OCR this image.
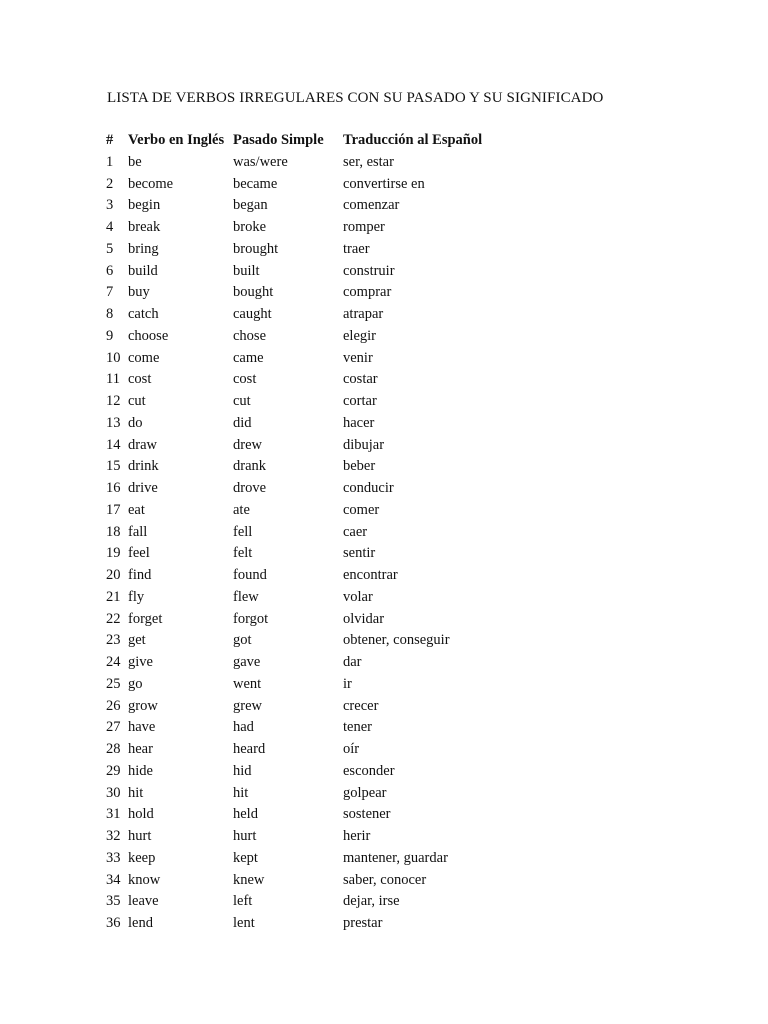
LISTA DE VERBOS IRREGULARES CON SU PASADO Y SU SIGNIFICADO
#	Verbo en Inglés	Pasado Simple	Traducción al Español
1	be	was/were	ser, estar
2	become	became	convertirse en
3	begin	began	comenzar
4	break	broke	romper
5	bring	brought	traer
6	build	built	construir
7	buy	bought	comprar
8	catch	caught	atrapar
9	choose	chose	elegir
10	come	came	venir
11	cost	cost	costar
12	cut	cut	cortar
13	do	did	hacer
14	draw	drew	dibujar
15	drink	drank	beber
16	drive	drove	conducir
17	eat	ate	comer
18	fall	fell	caer
19	feel	felt	sentir
20	find	found	encontrar
21	fly	flew	volar
22	forget	forgot	olvidar
23	get	got	obtener, conseguir
24	give	gave	dar
25	go	went	ir
26	grow	grew	crecer
27	have	had	tener
28	hear	heard	oír
29	hide	hid	esconder
30	hit	hit	golpear
31	hold	held	sostener
32	hurt	hurt	herir
33	keep	kept	mantener, guardar
34	know	knew	saber, conocer
35	leave	left	dejar, irse
36	lend	lent	prestar
